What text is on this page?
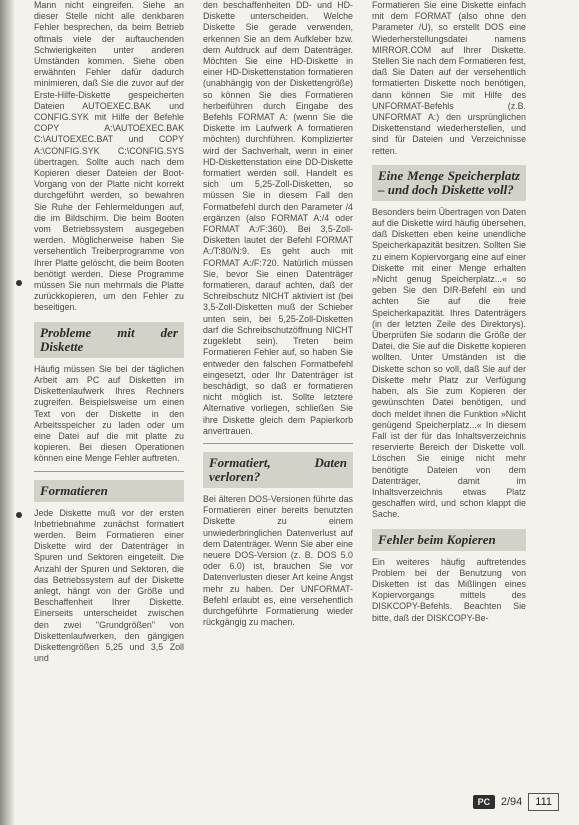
Mann nicht eingreifen. Siehe an dieser Stelle nicht alle denkbaren Fehler besprechen, da beim Betrieb oftmals viele der auftauchenden Schwierigkeiten unter anderen Umständen kommen. Siehe oben erwähnten Fehler dafür dadurch minimieren, daß Sie die zuvor auf der Erste-Hilfe-Diskette gespeicherten Dateien AUTOEXEC.BAK und CONFIG.SYK mit Hilfe der Befehle COPY A:\AUTOEXEC.BAK C:\AUTOEXEC.BAT und COPY A:\CONFIG.SYK C:\CONFIG.SYS übertragen. Sollte auch nach dem Kopieren dieser Dateien der Boot-Vorgang von der Platte nicht korrekt durchgeführt werden, so bewahren Sie Ruhe der Fehlermeldungen auf, die im Bildschirm. Die beim Booten vom Betriebssystem ausgegeben werden. Möglicherweise haben Sie versehentlich Treiberprogramme von Ihrer Platte gelöscht, die beim Booten benötigt werden. Diese Programme müssen Sie nun mehrmals die Platte zurückkopieren, um den Fehler zu beseitigen.

Probleme mit der Diskette

Häufig müssen Sie bei der täglichen Arbeit am PC auf Disketten im Diskettenlaufwerk Ihres Rechners zugreifen. Beispielsweise um einen Text von der Diskette in den Arbeitsspeicher zu laden oder um eine Datei auf die mit platte zu kopieren. Bei diesen Operationen können eine Menge Fehler auftreten.

Formatieren

Jede Diskette muß vor der ersten Inbetriebnahme zunächst formatiert werden. Beim Formatieren einer Diskette wird der Datenträger in Spuren und Sektoren eingeteilt. Die Anzahl der Spuren und Sektoren, die das Betriebssystem auf der Diskette anlegt, hängt von der Größe und Beschaffenheit Ihrer Diskette. Einerseits unterscheidet zwischen den zwei "Grundgrößen" von Diskettenlaufwerken, den gängigen Diskettengrößen 5,25 und 3,5 Zoll und

den beschaffenheiten DD- und HD-Diskette unterscheiden. Welche Diskette Sie gerade verwenden, erkennen Sie an dem Aufkleber bzw. dem Aufdruck auf dem Datenträger. Möchten Sie eine HD-Diskette in einer HD-Diskettenstation formatieren (unabhängig von der Diskettengröße) so können Sie dies Formatieren herbeiführen durch Eingabe des Befehls FORMAT A: (wenn Sie die Diskette im Laufwerk A formatieren möchten) durchführen. Komplizierter wird der Sachverhalt, wenn in einer HD-Diskettenstation eine DD-Diskette formatiert werden soll. Handelt es sich um 5,25-Zoll-Disketten, so müssen Sie in diesem Fall den Formatbefehl durch den Parameter /4 ergänzen (also FORMAT A:/4 oder FORMAT A:/F:360). Bei 3,5-Zoll-Disketten lautet der Befehl FORMAT A:/T:80/N:9. Es geht auch mit FORMAT A:/F:720. Natürlich müssen Sie, bevor Sie einen Datenträger formatieren, darauf achten, daß der Schreibschutz NICHT aktiviert ist (bei 3,5-Zoll-Disketten muß der Schieber unten sein, bei 5,25-Zoll-Disketten darf die Schreibschutzöffnung NICHT zugeklebt sein). Treten beim Formatieren Fehler auf, so haben Sie entweder den falschen Formatbefehl eingesetzt, oder Ihr Datenträger ist beschädigt, so daß er formatieren nicht möglich ist. Sollte letztere Alternative vorliegen, schließen Sie ihre Diskette gleich dem Papierkorb anvertrauen.

Formatiert, Daten verloren?

Bei älteren DOS-Versionen führte das Formatieren einer bereits benutzten Diskette zu einem unwiederbringlichen Datenverlust auf dem Datenträger. Wenn Sie aber eine neuere DOS-Version (z. B. DOS 5.0 oder 6.0) ist, brauchen Sie vor Datenverlusten dieser Art keine Angst mehr zu haben. Der UNFORMAT-Befehl erlaubt es, eine versehentlich durchgeführte Formatierung wieder rückgängig zu machen.

Formatieren Sie eine Diskette einfach mit dem FORMAT (also ohne den Parameter /U), so erstellt DOS eine Wiederherstellungsdatei namens MIRROR.COM auf Ihrer Diskette. Stellen Sie nach dem Formatieren fest, daß Sie Daten auf der versehentlich formatierten Diskette noch benötigen, dann können Sie mit Hilfe des UNFORMAT-Befehls (z.B. UNFORMAT A:) den ursprünglichen Diskettenstand wiederherstellen, und sind für Dateien und Verzeichnisse retten.

Eine Menge Speicherplatz – und doch Diskette voll?

Besonders beim Übertragen von Daten auf die Diskette wird häufig übersehen, daß Disketten eben keine unendliche Speicherkapazität besitzen. Sollten Sie zu einem Kopiervorgang eine auf einer Diskette mit einer Menge erhalten »Nicht genug Speicherplatz...« so geben Sie den DIR-Befehl ein und achten Sie auf die freie Speicherkapazität. Ihres Datenträgers (in der letzten Zeile des Direktorys). Überprüfen Sie sodann die Größe der Datei, die Sie auf die Diskette kopieren wollten. Unter Umständen ist die Diskette schon so voll, daß Sie auf der Diskette mehr Platz zur Verfügung haben, als Sie zum Kopieren der gewünschten Datei benötigen, und doch meldet ihnen die Funktion »Nicht genügend Speicherplatz...« In diesem Fall ist der für das Inhaltsverzeichnis reservierte Bereich der Diskette voll. Löschen Sie einige nicht mehr benötigte Dateien von dem Datenträger, damit im Inhaltsverzeichnis etwas Platz geschaffen wird, und schon klappt die Sache.

Fehler beim Kopieren

Ein weiteres häufig auftretendes Problem bei der Benutzung von Disketten ist das Mißlingen eines Kopiervorgangs mittels des DISKCOPY-Befehls. Beachten Sie bitte, daß der DISKCOPY-Be-

PC 2/94	111
